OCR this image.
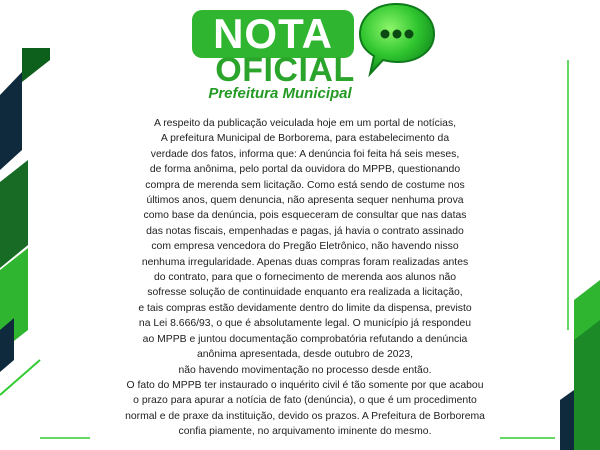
NOTA
OFICIAL
Prefeitura Municipal
A respeito da publicação veiculada hoje em um portal de notícias,
A prefeitura Municipal de Borborema, para estabelecimento da
verdade dos fatos, informa que: A denúncia foi feita há seis meses,
de forma anônima, pelo portal da ouvidora do MPPB, questionando
compra de merenda sem licitação. Como está sendo de costume nos
últimos anos, quem denuncia, não apresenta sequer nenhuma prova
como base da denúncia, pois esqueceram de consultar que nas datas
das notas fiscais, empenhadas e pagas, já havia o contrato assinado
com empresa vencedora do Pregão Eletrônico, não havendo nisso
nenhuma irregularidade. Apenas duas compras foram realizadas antes
do contrato, para que o fornecimento de merenda aos alunos não
sofresse solução de continuidade enquanto era realizada a licitação,
e tais compras estão devidamente dentro do limite da dispensa, previsto
na Lei 8.666/93, o que é absolutamente legal. O município já respondeu
ao MPPB e juntou documentação comprobatória refutando a denúncia
anônima apresentada, desde outubro de 2023,
não havendo movimentação no processo desde então.
O fato do MPPB ter instaurado o inquérito civil é tão somente por que acabou
o prazo para apurar a notícia de fato (denúncia), o que é um procedimento
normal e de praxe da instituição, devido os prazos. A Prefeitura de Borborema
confia piamente, no arquivamento iminente do mesmo.
